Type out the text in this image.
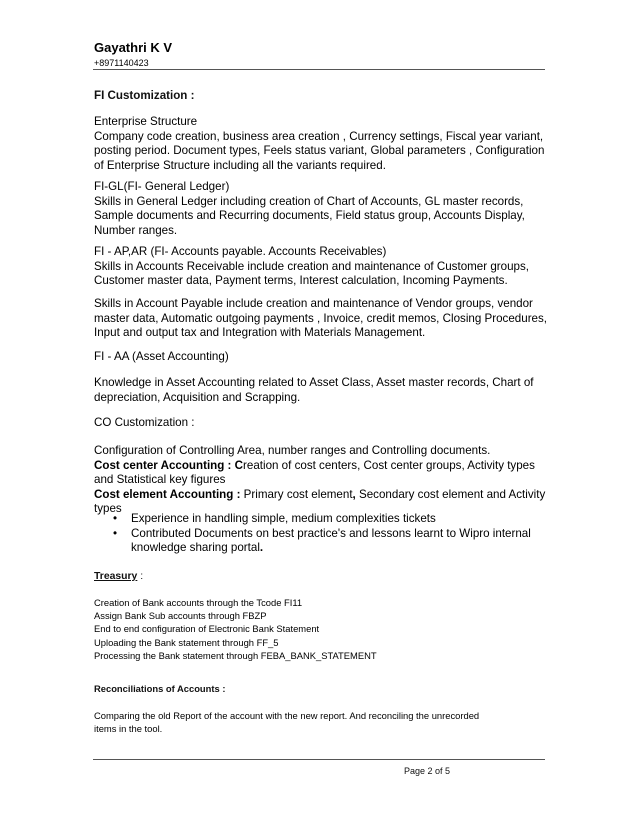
Gayathri K V
+8971140423
FI Customization :
Enterprise Structure
Company code creation, business area creation , Currency settings, Fiscal year variant,
posting period. Document types, Feels status variant, Global parameters , Configuration
of Enterprise Structure including all the variants required.
FI-GL(FI- General Ledger)
Skills in General Ledger including creation of Chart of Accounts, GL master records,
Sample documents and Recurring documents, Field status group, Accounts Display,
Number ranges.
FI - AP,AR (FI- Accounts payable. Accounts Receivables)
Skills in Accounts Receivable include creation and maintenance of Customer groups,
Customer master data, Payment terms, Interest calculation, Incoming Payments.
Skills in Account Payable include creation and maintenance of Vendor groups, vendor
master data, Automatic outgoing payments , Invoice, credit memos, Closing Procedures,
Input and output tax and Integration with Materials Management.
FI - AA (Asset Accounting)
Knowledge in Asset Accounting related to Asset Class, Asset master records, Chart of
depreciation, Acquisition and Scrapping.
CO Customization :
Configuration of Controlling Area, number ranges and Controlling documents.
Cost center Accounting : Creation of cost centers, Cost center groups, Activity types
and Statistical key figures
Cost element Accounting : Primary cost element, Secondary cost element and Activity
types
• Experience in handling simple, medium complexities tickets
• Contributed Documents on best practice's and lessons learnt to Wipro internal
knowledge sharing portal.
Treasury :
Creation of Bank accounts through the Tcode FI11
Assign Bank Sub accounts through FBZP
End to end configuration of Electronic Bank Statement
Uploading the Bank statement through FF_5
Processing the Bank statement through FEBA_BANK_STATEMENT
Reconciliations of Accounts :
Comparing the old Report of the account with the new report. And reconciling the unrecorded
items in the tool.
Page 2 of 5
